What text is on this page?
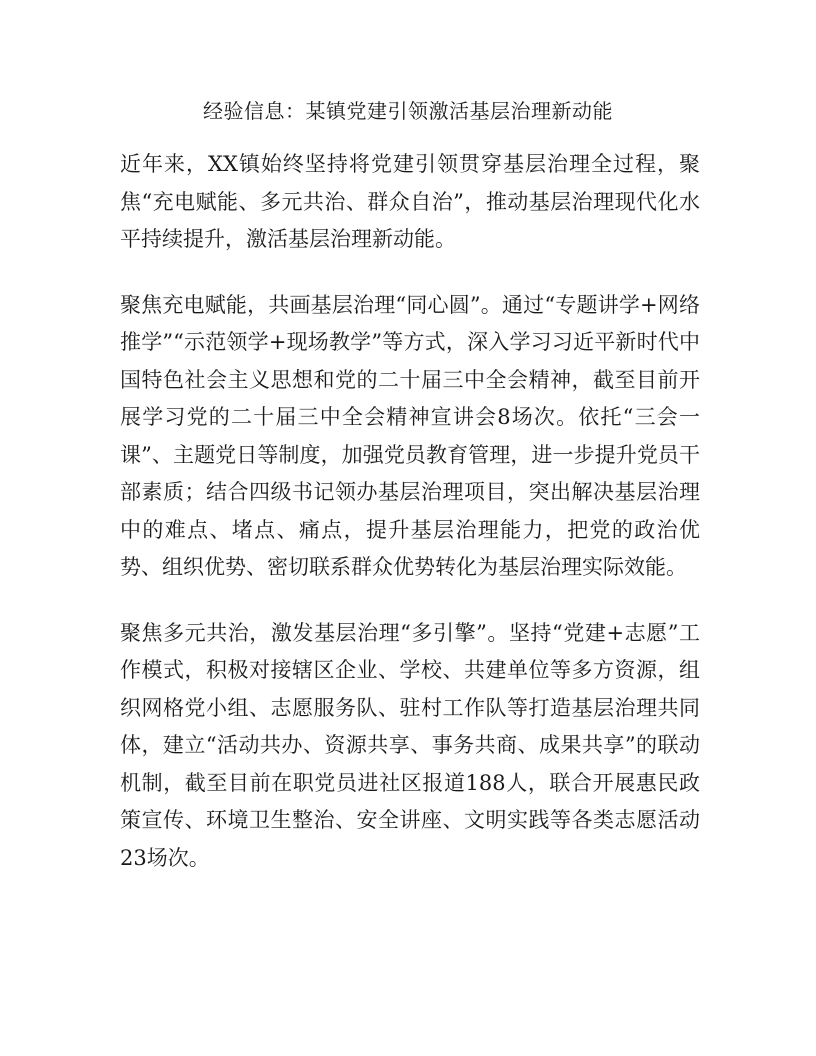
经验信息：某镇党建引领激活基层治理新动能

近年来，XX镇始终坚持将党建引领贯穿基层治理全过程，聚焦“充电赋能、多元共治、群众自治”，推动基层治理现代化水平持续提升，激活基层治理新动能。

聚焦充电赋能，共画基层治理“同心圆”。通过“专题讲学+网络推学”“示范领学+现场教学”等方式，深入学习习近平新时代中国特色社会主义思想和党的二十届三中全会精神，截至目前开展学习党的二十届三中全会精神宣讲会8场次。依托“三会一课”、主题党日等制度，加强党员教育管理，进一步提升党员干部素质；结合四级书记领办基层治理项目，突出解决基层治理中的难点、堵点、痛点，提升基层治理能力，把党的政治优势、组织优势、密切联系群众优势转化为基层治理实际效能。

聚焦多元共治，激发基层治理“多引擎”。坚持“党建+志愿”工作模式，积极对接辖区企业、学校、共建单位等多方资源，组织网格党小组、志愿服务队、驻村工作队等打造基层治理共同体，建立“活动共办、资源共享、事务共商、成果共享”的联动机制，截至目前在职党员进社区报道188人，联合开展惠民政策宣传、环境卫生整治、安全讲座、文明实践等各类志愿活动23场次。
